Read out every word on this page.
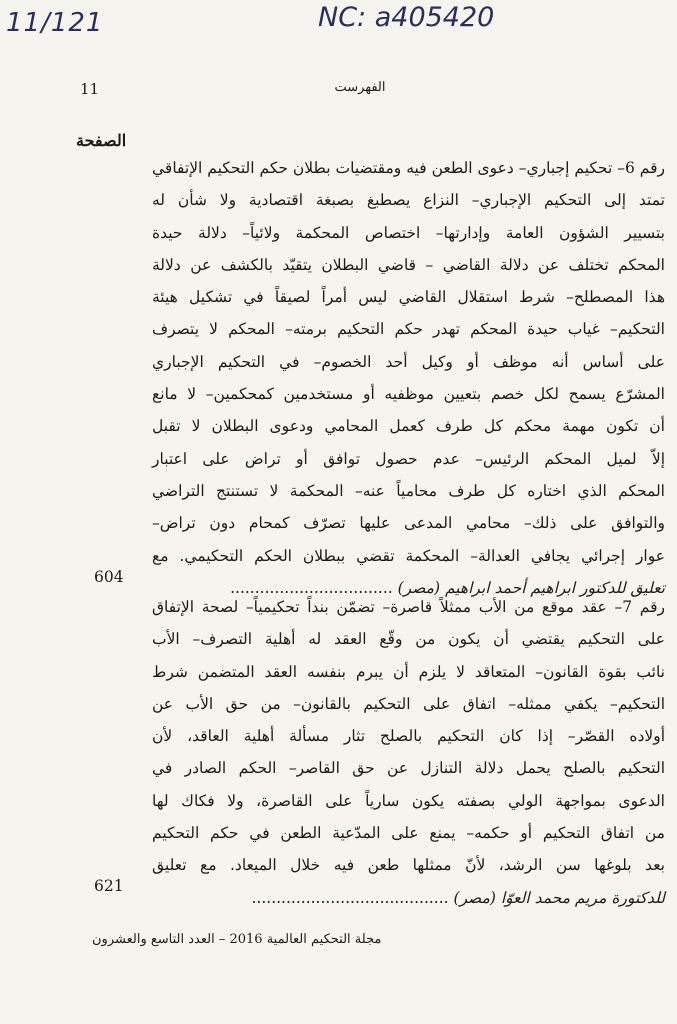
11/121	NC: a405420
11	الفهرست
الصفحة
رقم 6– تحكيم إجباري– دعوى الطعن فيه ومقتضيات بطلان حكم التحكيم الإتفاقي
تمتد إلى التحكيم الإجباري– النزاع يصطبغ بصبغة اقتصادية ولا شأن له
بتسيير الشؤون العامة وإدارتها– اختصاص المحكمة ولائياً– دلالة حيدة
المحكم تختلف عن دلالة القاضي – قاضي البطلان يتقيّد بالكشف عن دلالة
هذا المصطلح– شرط استقلال القاضي ليس أمراً لصيقاً في تشكيل هيئة
التحكيم– غياب حيدة المحكم تهدر حكم التحكيم برمته– المحكم لا يتصرف
على أساس أنه موظف أو وكيل أحد الخصوم– في التحكيم الإجباري
المشرّع يسمح لكل خصم بتعيين موظفيه أو مستخدمين كمحكمين– لا مانع
أن تكون مهمة محكم كل طرف كعمل المحامي ودعوى البطلان لا تقبل
إلاّ لميل المحكم الرئيس– عدم حصول توافق أو تراض على اعتبار
المحكم الذي اختاره كل طرف محامياً عنه– المحكمة لا تستنتج التراضي
والتوافق على ذلك– محامي المدعى عليها تصرّف كمحام دون تراض–
عوار إجرائي يجافي العدالة– المحكمة تقضي ببطلان الحكم التحكيمي. مع
تعليق للدكتور ابراهيم أحمد ابراهيم (مصر) .................................
604
رقم 7– عقد موقع من الأب ممثلاً قاصرة– تضمّن بنداً تحكيمياً– لصحة الإتفاق
على التحكيم يقتضي أن يكون من وقّع العقد له أهلية التصرف– الأب
نائب بقوة القانون– المتعاقد لا يلزم أن يبرم بنفسه العقد المتضمن شرط
التحكيم– يكفي ممثله– اتفاق على التحكيم بالقانون– من حق الأب عن
أولاده القصّر– إذا كان التحكيم بالصلح تثار مسألة أهلية العاقد، لأن
التحكيم بالصلح يحمل دلالة التنازل عن حق القاصر– الحكم الصادر في
الدعوى بمواجهة الولي بصفته يكون سارياً على القاصرة، ولا فكاك لها
من اتفاق التحكيم أو حكمه– يمنع على المدّعية الطعن في حكم التحكيم
بعد بلوغها سن الرشد، لأنّ ممثلها طعن فيه خلال الميعاد. مع تعليق
للدكتورة مريم محمد العوّا (مصر) ........................................
621
مجلة التحكيم العالمية 2016 – العدد التاسع والعشرون
